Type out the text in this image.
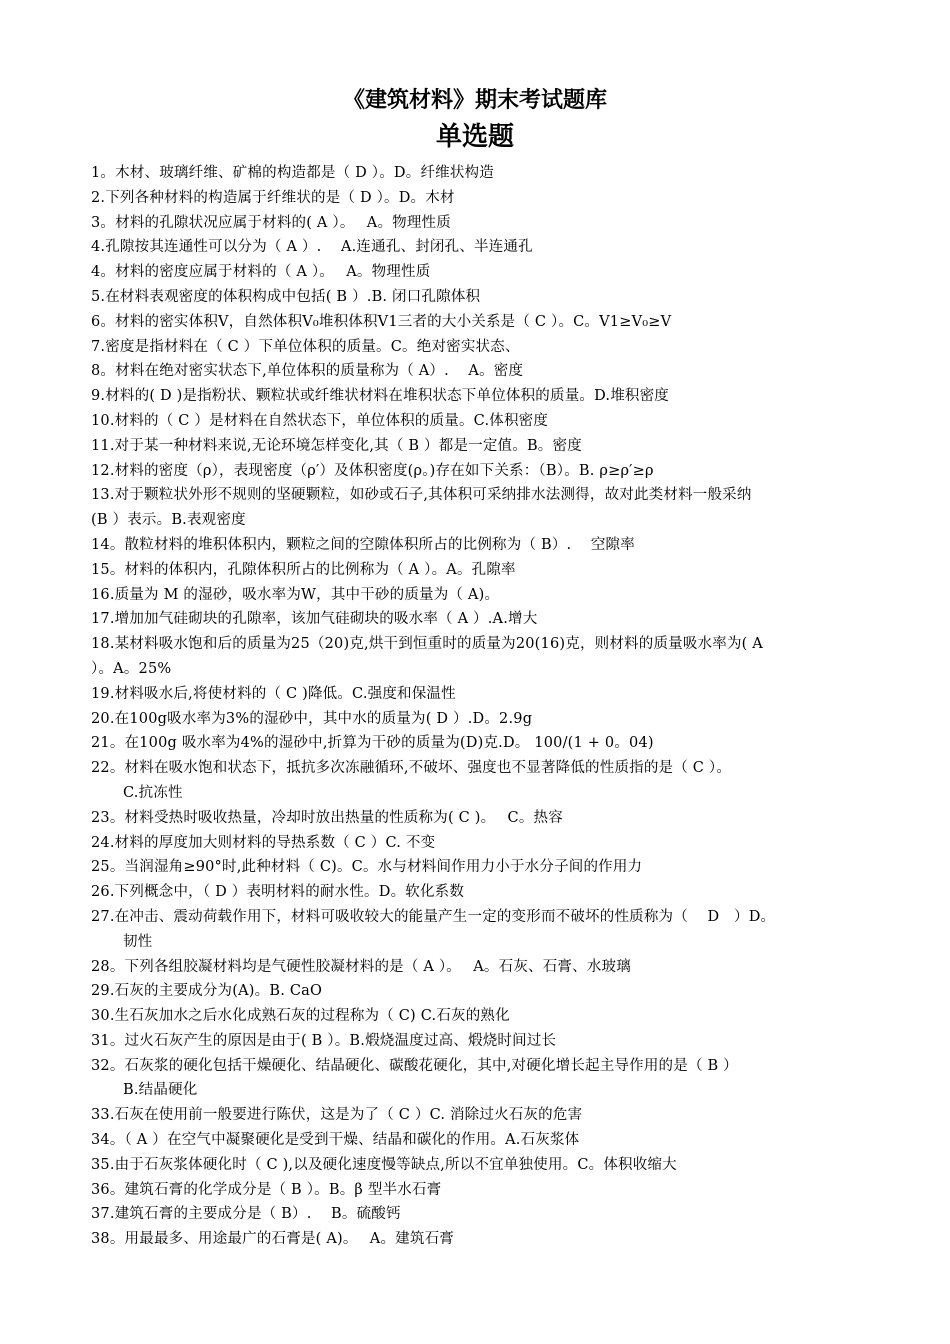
《建筑材料》期末考试题库
单选题
1。木材、玻璃纤维、矿棉的构造都是（ D ）。D。纤维状构造
2.下列各种材料的构造属于纤维状的是（ D ）。D。木材
3。材料的孔隙状况应属于材料的( A ）。　 A。物理性质
4.孔隙按其连通性可以分为（ A ）.　 A.连通孔、封闭孔、半连通孔
4。材料的密度应属于材料的（ A ）。　 A。物理性质
5.在材料表观密度的体积构成中包括( B ）.B. 闭口孔隙体积
6。材料的密实体积V，自然体积V₀堆积体积V1三者的大小关系是（ C ）。C。V1≥V₀≥V
7.密度是指材料在（ C ）下单位体积的质量。C。绝对密实状态、
8。材料在绝对密实状态下,单位体积的质量称为（ A）.　 A。密度
9.材料的( D )是指粉状、颗粒状或纤维状材料在堆积状态下单位体积的质量。D.堆积密度
10.材料的（ C ）是材料在自然状态下，单位体积的质量。C.体积密度
11.对于某一种材料来说,无论环境怎样变化,其（ B ）都是一定值。B。密度
12.材料的密度（ρ），表现密度（ρ′）及体积密度(ρ。)存在如下关系：（B）。B. ρ≥ρ′≥ρ
13.对于颗粒状外形不规则的坚硬颗粒，如砂或石子,其体积可采纳排水法测得，故对此类材料一般采纳
(B ）表示。B.表观密度
14。散粒材料的堆积体积内，颗粒之间的空隙体积所占的比例称为（ B）.　 空隙率
15。材料的体积内，孔隙体积所占的比例称为（ A ）。A。孔隙率
16.质量为 M 的湿砂，吸水率为W，其中干砂的质量为（ A)。
17.增加加气硅砌块的孔隙率，该加气硅砌块的吸水率（ A ）.A.增大
18.某材料吸水饱和后的质量为25（20)克,烘干到恒重时的质量为20(16)克，则材料的质量吸水率为( A
）。A。25%
19.材料吸水后,将使材料的（ C )降低。C.强度和保温性
20.在100g吸水率为3%的湿砂中，其中水的质量为( D ）.D。2.9g
21。在100g 吸水率为4%的湿砂中,折算为干砂的质量为(D)克.D。 100/(1 + 0。04)
22。材料在吸水饱和状态下，抵抗多次冻融循环,不破坏、强度也不显著降低的性质指的是（ C ）。
C.抗冻性
23。材料受热时吸收热量，冷却时放出热量的性质称为( C )。　 C。热容
24.材料的厚度加大则材料的导热系数（ C ）C. 不变
25。当润湿角≥90°时,此种材料（ C)。C。水与材料间作用力小于水分子间的作用力
26.下列概念中，（ D ）表明材料的耐水性。D。软化系数
27.在冲击、震动荷载作用下，材料可吸收较大的能量产生一定的变形而不破坏的性质称为（　 D　）D。
韧性
28。下列各组胶凝材料均是气硬性胶凝材料的是（ A ）。　 A。石灰、石膏、水玻璃
29.石灰的主要成分为(A)。B. CaO
30.生石灰加水之后水化成熟石灰的过程称为（ C) C.石灰的熟化
31。过火石灰产生的原因是由于( B ）。B.煅烧温度过高、煅烧时间过长
32。石灰浆的硬化包括干燥硬化、结晶硬化、碳酸花硬化，其中,对硬化增长起主导作用的是（ B ）
B.结晶硬化
33.石灰在使用前一般要进行陈伏，这是为了（ C ）C. 消除过火石灰的危害
34。（ A ）在空气中凝聚硬化是受到干燥、结晶和碳化的作用。A.石灰浆体
35.由于石灰浆体硬化时（ C ),以及硬化速度慢等缺点,所以不宜单独使用。C。体积收缩大
36。建筑石膏的化学成分是（ B ）。B。β 型半水石膏
37.建筑石膏的主要成分是（ B）.　 B。硫酸钙
38。用最最多、用途最广的石膏是( A)。　 A。建筑石膏
